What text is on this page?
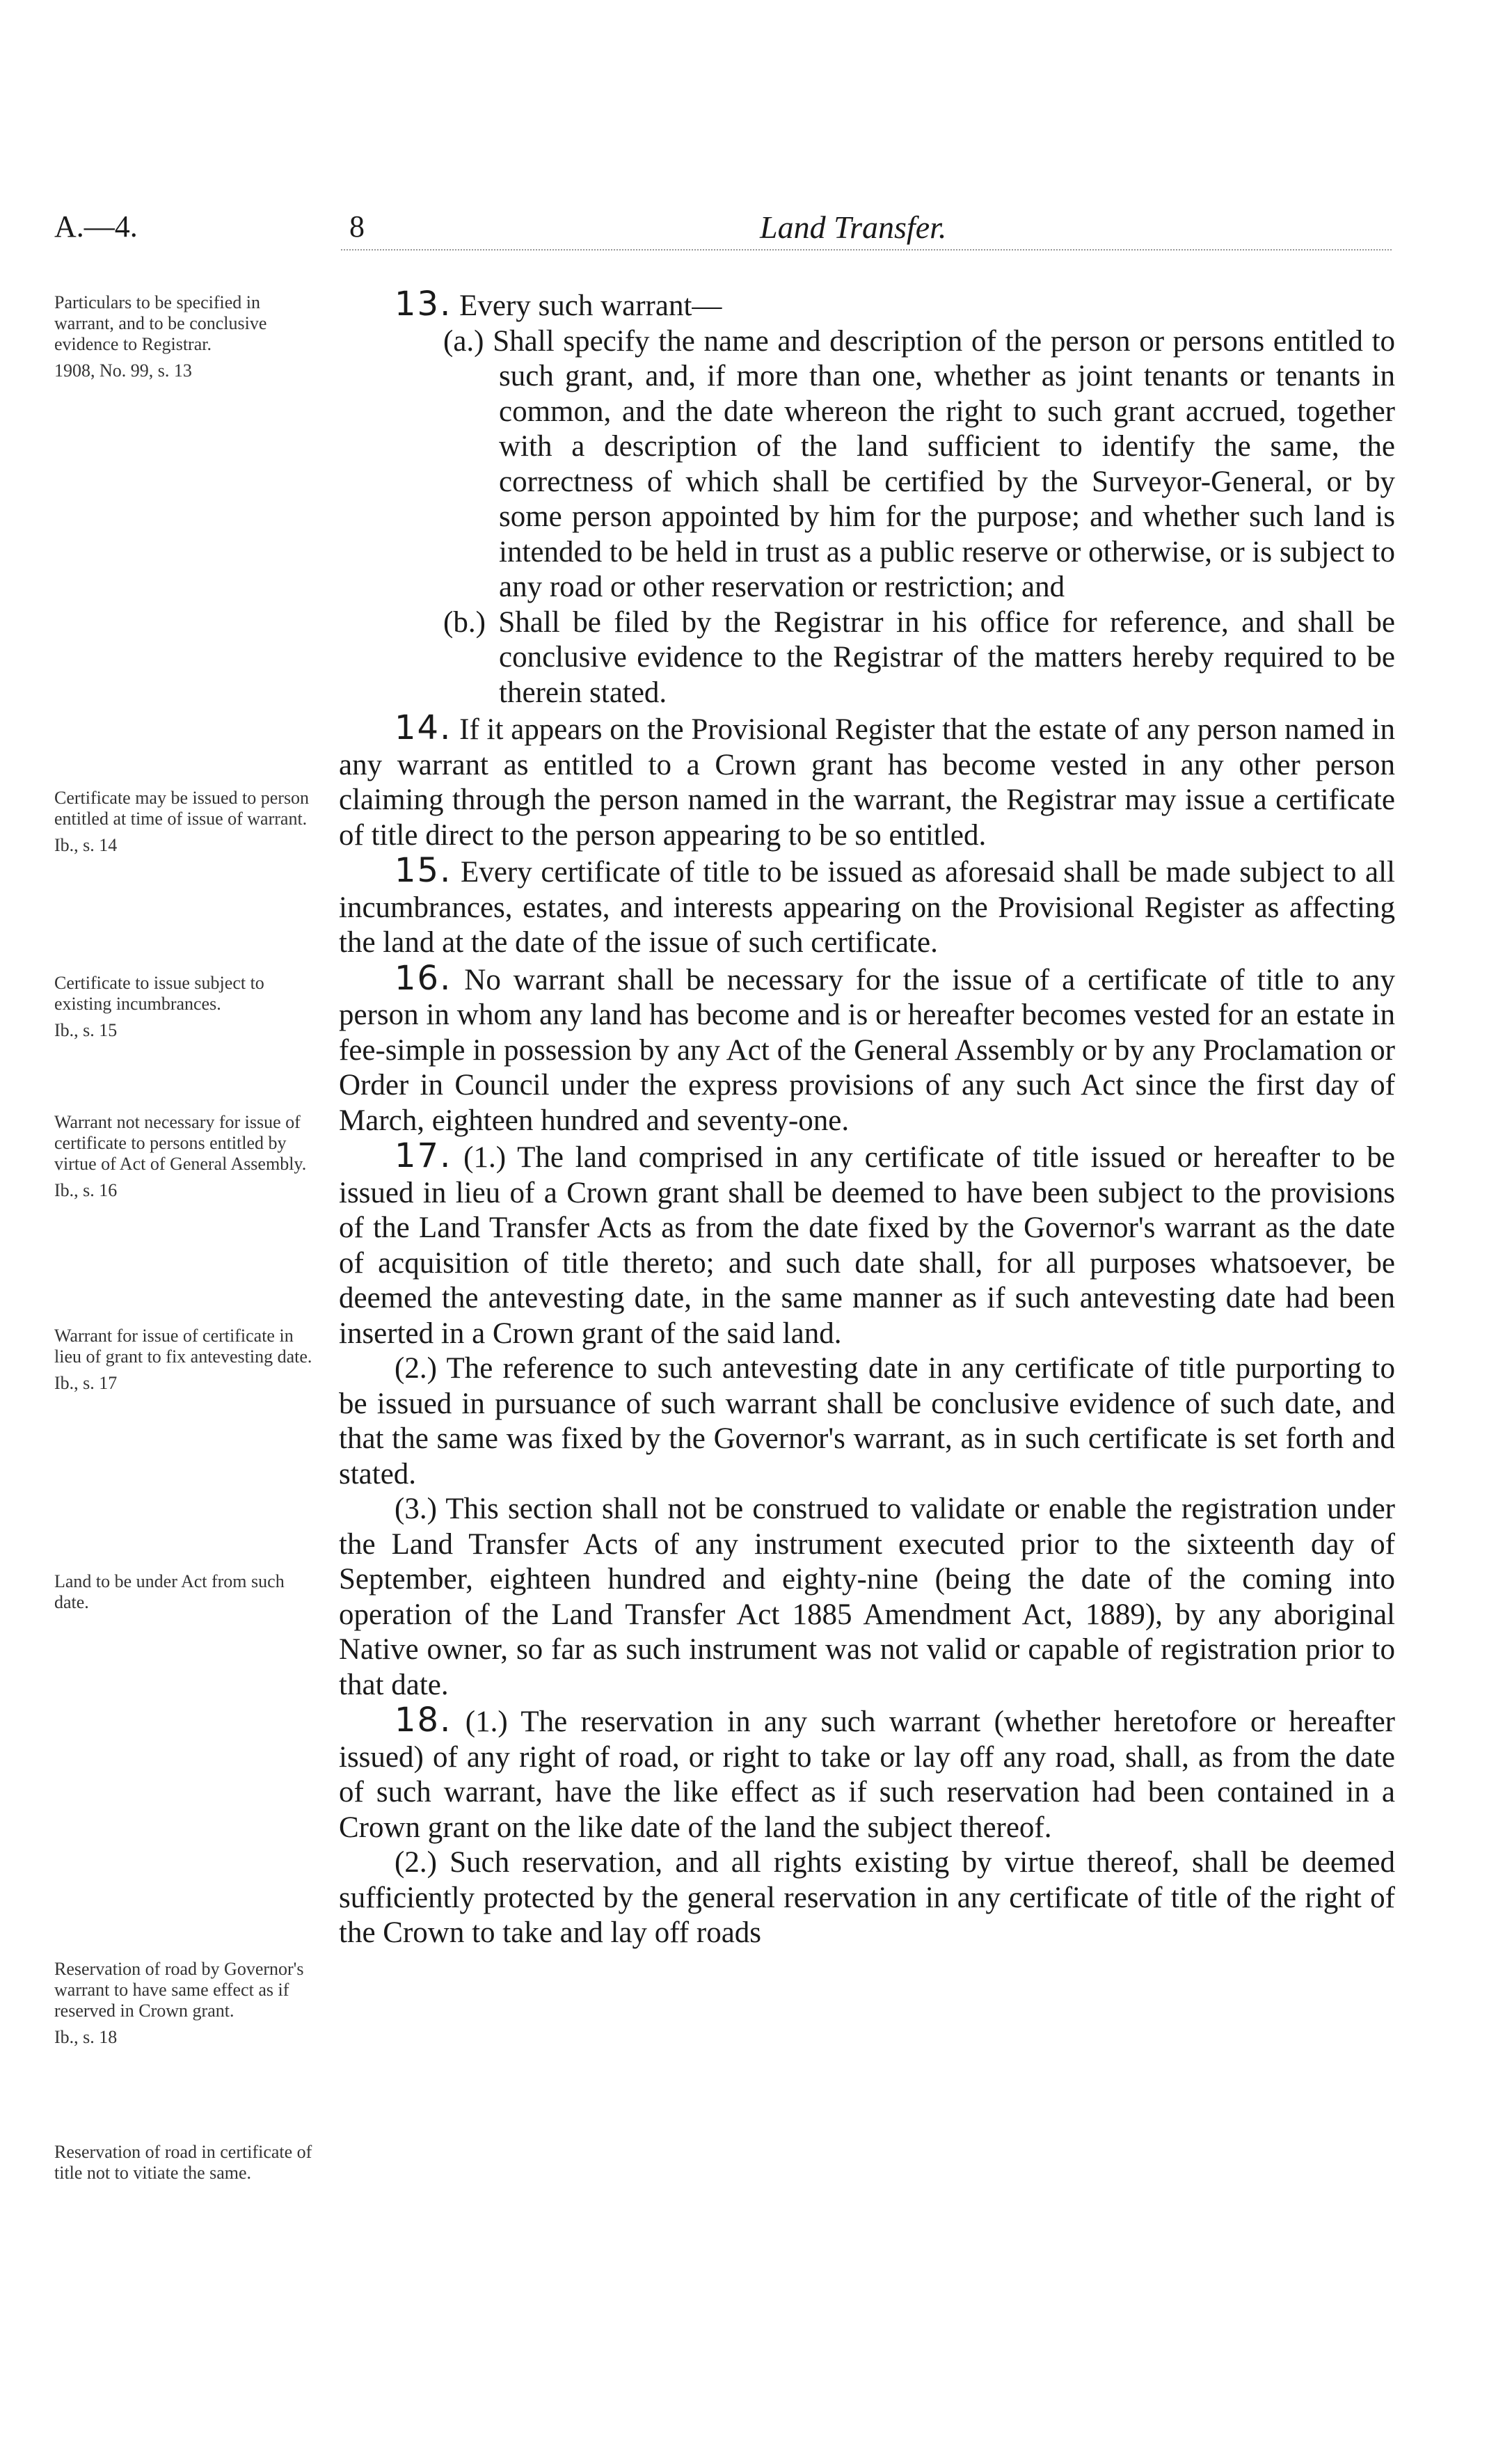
A.—4.	8	Land Transfer.
Particulars to be specified in warrant, and to be conclusive evidence to Registrar.
1908, No. 99, s. 13
Certificate may be issued to person entitled at time of issue of warrant.
Ib., s. 14
Certificate to issue subject to existing incumbrances.
Ib., s. 15
Warrant not necessary for issue of certificate to persons entitled by virtue of Act of General Assembly.
Ib., s. 16
Warrant for issue of certificate in lieu of grant to fix antevesting date.
Ib., s. 17
Land to be under Act from such date.
Reservation of road by Governor's warrant to have same effect as if reserved in Crown grant.
Ib., s. 18
Reservation of road in certificate of title not to vitiate the same.

13. Every such warrant—

(a.) Shall specify the name and description of the person or persons entitled to such grant, and, if more than one, whether as joint tenants or tenants in common, and the date whereon the right to such grant accrued, together with a description of the land sufficient to identify the same, the correctness of which shall be certified by the Surveyor-General, or by some person appointed by him for the purpose; and whether such land is intended to be held in trust as a public reserve or otherwise, or is subject to any road or other reservation or restriction; and

(b.) Shall be filed by the Registrar in his office for reference, and shall be conclusive evidence to the Registrar of the matters hereby required to be therein stated.

14. If it appears on the Provisional Register that the estate of any person named in any warrant as entitled to a Crown grant has become vested in any other person claiming through the person named in the warrant, the Registrar may issue a certificate of title direct to the person appearing to be so entitled.

15. Every certificate of title to be issued as aforesaid shall be made subject to all incumbrances, estates, and interests appearing on the Provisional Register as affecting the land at the date of the issue of such certificate.

16. No warrant shall be necessary for the issue of a certificate of title to any person in whom any land has become and is or hereafter becomes vested for an estate in fee-simple in possession by any Act of the General Assembly or by any Proclamation or Order in Council under the express provisions of any such Act since the first day of March, eighteen hundred and seventy-one.

17. (1.) The land comprised in any certificate of title issued or hereafter to be issued in lieu of a Crown grant shall be deemed to have been subject to the provisions of the Land Transfer Acts as from the date fixed by the Governor's warrant as the date of acquisition of title thereto; and such date shall, for all purposes whatsoever, be deemed the antevesting date, in the same manner as if such antevesting date had been inserted in a Crown grant of the said land.

(2.) The reference to such antevesting date in any certificate of title purporting to be issued in pursuance of such warrant shall be conclusive evidence of such date, and that the same was fixed by the Governor's warrant, as in such certificate is set forth and stated.

(3.) This section shall not be construed to validate or enable the registration under the Land Transfer Acts of any instrument executed prior to the sixteenth day of September, eighteen hundred and eighty-nine (being the date of the coming into operation of the Land Transfer Act 1885 Amendment Act, 1889), by any aboriginal Native owner, so far as such instrument was not valid or capable of registration prior to that date.

18. (1.) The reservation in any such warrant (whether heretofore or hereafter issued) of any right of road, or right to take or lay off any road, shall, as from the date of such warrant, have the like effect as if such reservation had been contained in a Crown grant on the like date of the land the subject thereof.

(2.) Such reservation, and all rights existing by virtue thereof, shall be deemed sufficiently protected by the general reservation in any certificate of title of the right of the Crown to take and lay off roads
